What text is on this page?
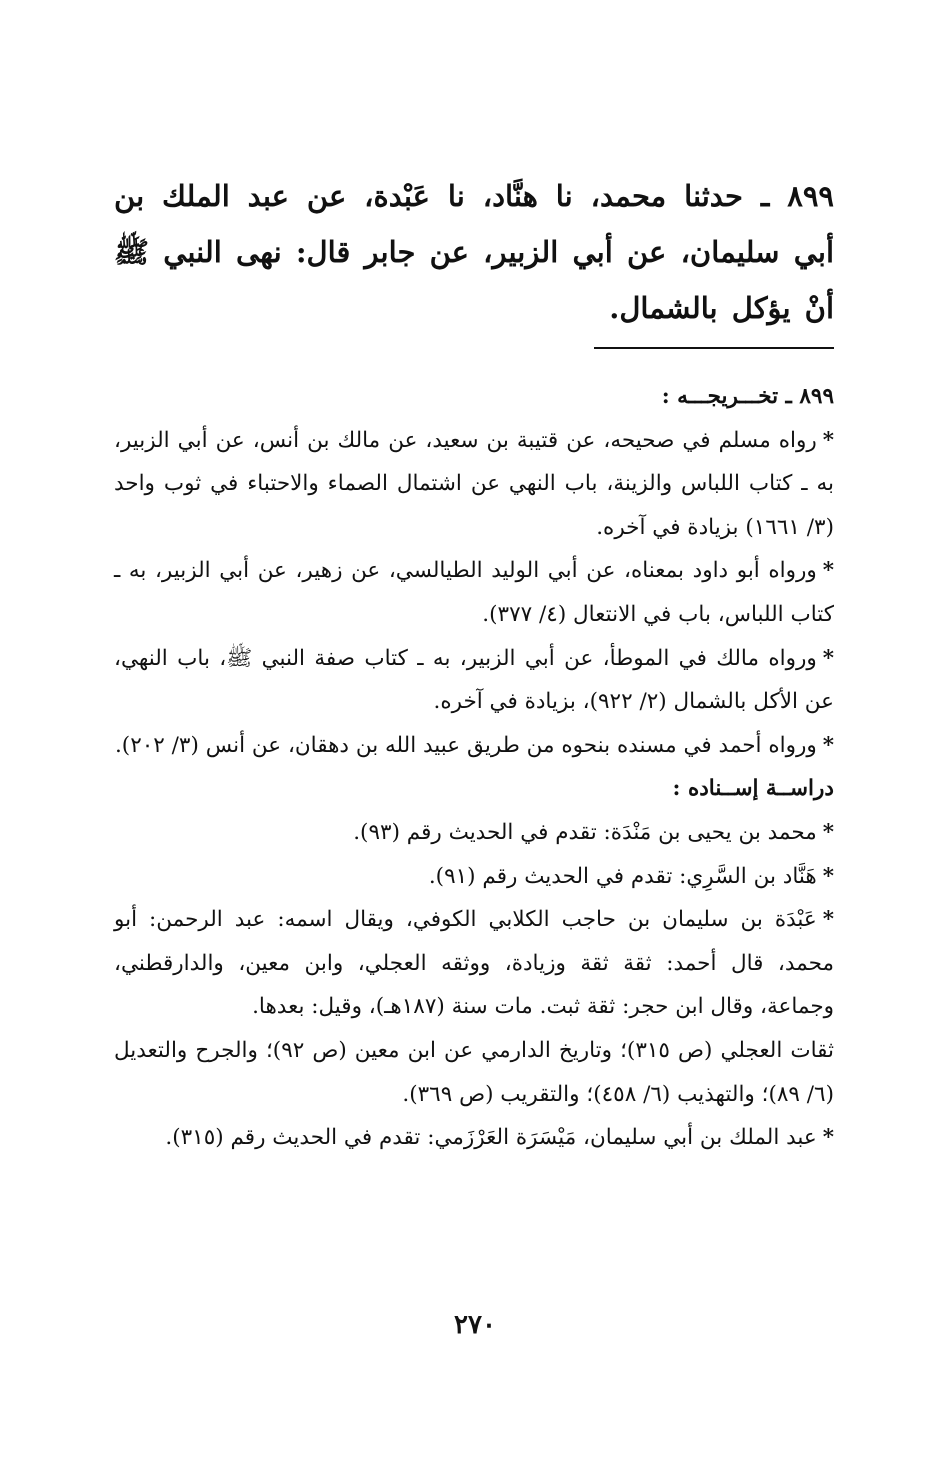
٨٩٩ ـ حدثنا محمد، نا هنَّاد، نا عَبْدة، عن عبد الملك بن أبي سليمان، عن أبي الزبير، عن جابر قال: نهى النبي ﷺ أنْ يؤكل بالشمال.

٨٩٩ ـ تخـــريجـــه :

*رواه مسلم في صحيحه، عن قتيبة بن سعيد، عن مالك بن أنس، عن أبي الزبير، به ـ كتاب اللباس والزينة، باب النهي عن اشتمال الصماء والاحتباء في ثوب واحد (٣/ ١٦٦١) بزيادة في آخره.

*ورواه أبو داود بمعناه، عن أبي الوليد الطيالسي، عن زهير، عن أبي الزبير، به ـ كتاب اللباس، باب في الانتعال (٤/ ٣٧٧).

*ورواه مالك في الموطأ، عن أبي الزبير، به ـ كتاب صفة النبي ﷺ، باب النهي، عن الأكل بالشمال (٢/ ٩٢٢)، بزيادة في آخره.

*ورواه أحمد في مسنده بنحوه من طريق عبيد الله بن دهقان، عن أنس (٣/ ٢٠٢).

دراســة إســناده :

*محمد بن يحيى بن مَنْدَة: تقدم في الحديث رقم (٩٣).

*هَنَّاد بن السَّرِي: تقدم في الحديث رقم (٩١).

*عَبْدَة بن سليمان بن حاجب الكلابي الكوفي، ويقال اسمه: عبد الرحمن: أبو محمد، قال أحمد: ثقة ثقة وزيادة، ووثقه العجلي، وابن معين، والدارقطني، وجماعة، وقال ابن حجر: ثقة ثبت. مات سنة (١٨٧هـ)، وقيل: بعدها.

ثقات العجلي (ص ٣١٥)؛ وتاريخ الدارمي عن ابن معين (ص ٩٢)؛ والجرح والتعديل (٦/ ٨٩)؛ والتهذيب (٦/ ٤٥٨)؛ والتقريب (ص ٣٦٩).

*عبد الملك بن أبي سليمان، مَيْسَرَة العَرْزَمي: تقدم في الحديث رقم (٣١٥).

٢٧٠
